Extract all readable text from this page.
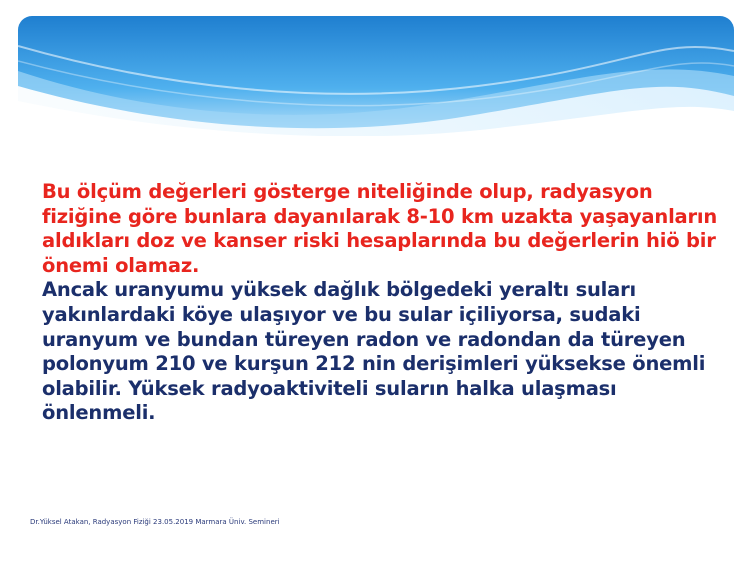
Bu ölçüm değerleri gösterge niteliğinde olup, radyasyon fiziğine göre bunlara dayanılarak 8-10 km uzakta yaşayanların aldıkları doz ve kanser riski hesaplarında bu değerlerin hiö bir önemi olamaz.

Ancak uranyumu yüksek dağlık bölgedeki yeraltı suları yakınlardaki köye ulaşıyor ve bu sular içiliyorsa, sudaki uranyum ve bundan türeyen radon ve radondan da türeyen polonyum 210 ve kurşun 212 nin derişimleri yüksekse önemli olabilir. Yüksek radyoaktiviteli suların halka ulaşması önlenmeli.

Dr.Yüksel Atakan, Radyasyon Fiziği 23.05.2019 Marmara Üniv. Semineri
